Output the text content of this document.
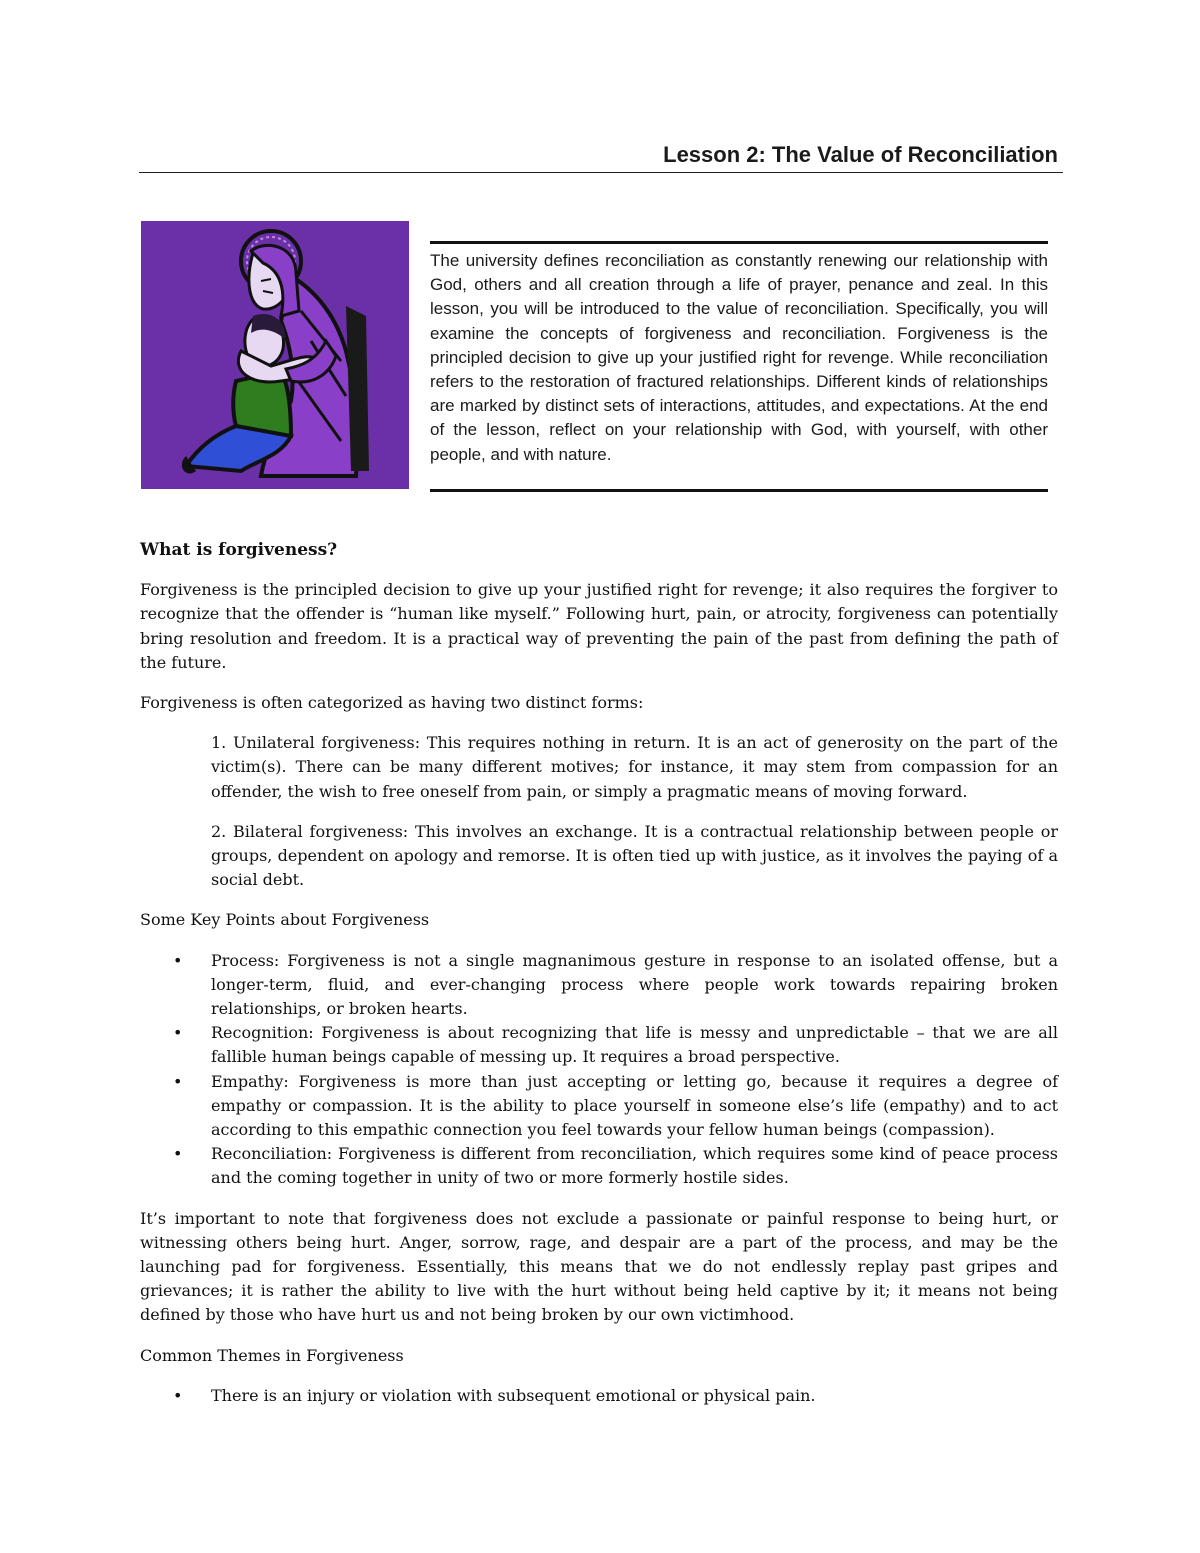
Lesson 2: The Value of Reconciliation

The university defines reconciliation as constantly renewing our relationship with God, others and all creation through a life of prayer, penance and zeal. In this lesson, you will be introduced to the value of reconciliation. Specifically, you will examine the concepts of forgiveness and reconciliation. Forgiveness is the principled decision to give up your justified right for revenge. While reconciliation refers to the restoration of fractured relationships. Different kinds of relationships are marked by distinct sets of interactions, attitudes, and expectations. At the end of the lesson, reflect on your relationship with God, with yourself, with other people, and with nature.

What is forgiveness?

Forgiveness is the principled decision to give up your justified right for revenge; it also requires the forgiver to recognize that the offender is “human like myself.” Following hurt, pain, or atrocity, forgiveness can potentially bring resolution and freedom. It is a practical way of preventing the pain of the past from defining the path of the future.

Forgiveness is often categorized as having two distinct forms:

1. Unilateral forgiveness: This requires nothing in return. It is an act of generosity on the part of the victim(s). There can be many different motives; for instance, it may stem from compassion for an offender, the wish to free oneself from pain, or simply a pragmatic means of moving forward.

2. Bilateral forgiveness: This involves an exchange. It is a contractual relationship between people or groups, dependent on apology and remorse. It is often tied up with justice, as it involves the paying of a social debt.

Some Key Points about Forgiveness

• Process: Forgiveness is not a single magnanimous gesture in response to an isolated offense, but a longer-term, fluid, and ever-changing process where people work towards repairing broken relationships, or broken hearts.
• Recognition: Forgiveness is about recognizing that life is messy and unpredictable – that we are all fallible human beings capable of messing up. It requires a broad perspective.
• Empathy: Forgiveness is more than just accepting or letting go, because it requires a degree of empathy or compassion. It is the ability to place yourself in someone else’s life (empathy) and to act according to this empathic connection you feel towards your fellow human beings (compassion).
• Reconciliation: Forgiveness is different from reconciliation, which requires some kind of peace process and the coming together in unity of two or more formerly hostile sides.

It’s important to note that forgiveness does not exclude a passionate or painful response to being hurt, or witnessing others being hurt. Anger, sorrow, rage, and despair are a part of the process, and may be the launching pad for forgiveness. Essentially, this means that we do not endlessly replay past gripes and grievances; it is rather the ability to live with the hurt without being held captive by it; it means not being defined by those who have hurt us and not being broken by our own victimhood.

Common Themes in Forgiveness

• There is an injury or violation with subsequent emotional or physical pain.
